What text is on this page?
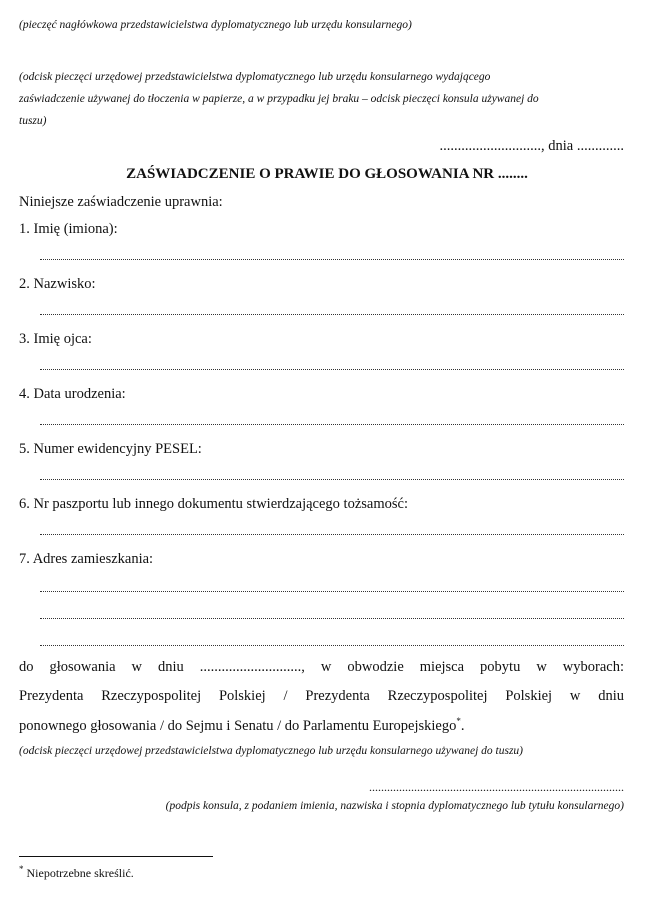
(pieczęć nagłówkowa przedstawicielstwa dyplomatycznego lub urzędu konsularnego)
(odcisk pieczęci urzędowej przedstawicielstwa dyplomatycznego lub urzędu konsularnego wydającego
zaświadczenie używanej do tłoczenia w papierze, a w przypadku jej braku – odcisk pieczęci konsula używanej do
tuszu)
............................, dnia .............
ZAŚWIADCZENIE O PRAWIE DO GŁOSOWANIA NR ........
Niniejsze zaświadczenie uprawnia:
1. Imię (imiona):
2. Nazwisko:
3. Imię ojca:
4. Data urodzenia:
5. Numer ewidencyjny PESEL:
6. Nr paszportu lub innego dokumentu stwierdzającego tożsamość:
7. Adres zamieszkania:
do głosowania w dniu ............................, w obwodzie miejsca pobytu w wyborach:
Prezydenta Rzeczypospolitej Polskiej / Prezydenta Rzeczypospolitej Polskiej w dniu
ponownego głosowania / do Sejmu i Senatu / do Parlamentu Europejskiego*.
(odcisk pieczęci urzędowej przedstawicielstwa dyplomatycznego lub urzędu konsularnego używanej do tuszu)
.....................................................................................
(podpis konsula, z podaniem imienia, nazwiska i stopnia dyplomatycznego lub tytułu konsularnego)
* Niepotrzebne skreślić.
